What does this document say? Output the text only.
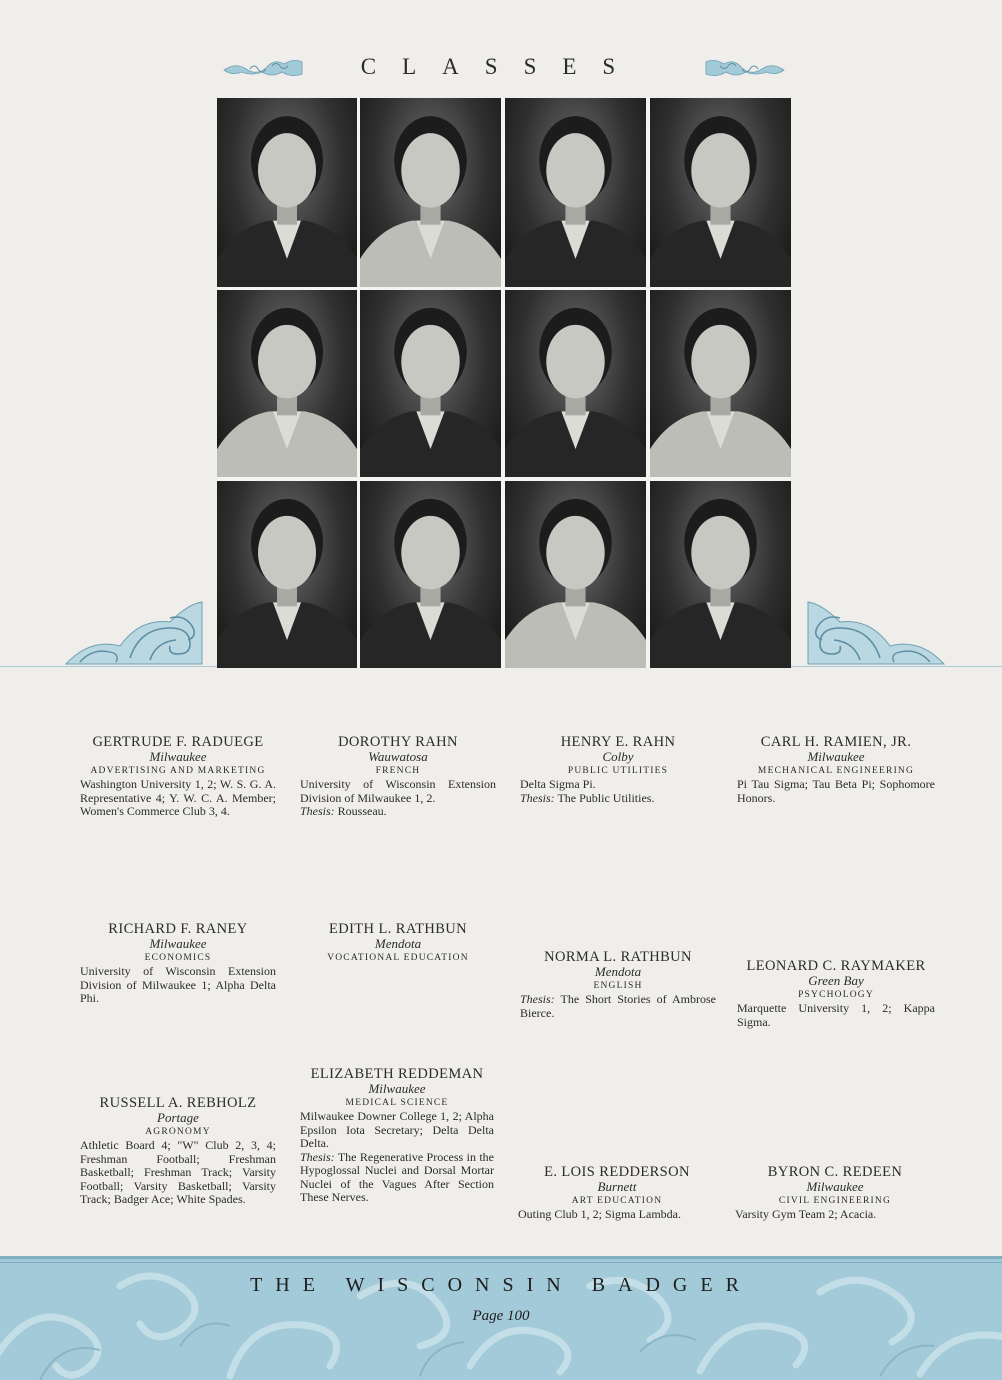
CLASSES
GERTRUDE F. RADUEGE
Milwaukee
ADVERTISING AND MARKETING
Washington University 1, 2; W. S. G. A. Representative 4; Y. W. C. A. Member; Women's Commerce Club 3, 4.
DOROTHY RAHN
Wauwatosa
FRENCH
University of Wisconsin Extension Division of Milwaukee 1, 2.
Thesis: Rousseau.
HENRY E. RAHN
Colby
PUBLIC UTILITIES
Delta Sigma Pi.
Thesis: The Public Utilities.
CARL H. RAMIEN, JR.
Milwaukee
MECHANICAL ENGINEERING
Pi Tau Sigma; Tau Beta Pi; Sophomore Honors.
RICHARD F. RANEY
Milwaukee
ECONOMICS
University of Wisconsin Extension Division of Milwaukee 1; Alpha Delta Phi.
EDITH L. RATHBUN
Mendota
VOCATIONAL EDUCATION	NORMA L. RATHBUN
Mendota
ENGLISH
Thesis: The Short Stories of Ambrose Bierce.
LEONARD C. RAYMAKER
Green Bay
PSYCHOLOGY
Marquette University 1, 2; Kappa Sigma.
RUSSELL A. REBHOLZ
Portage
AGRONOMY
Athletic Board 4; "W" Club 2, 3, 4; Freshman Football; Freshman Basketball; Freshman Track; Varsity Football; Varsity Basketball; Varsity Track; Badger Ace; White Spades.
ELIZABETH REDDEMAN
Milwaukee
MEDICAL SCIENCE
Milwaukee Downer College 1, 2; Alpha Epsilon Iota Secretary; Delta Delta Delta.
Thesis: The Regenerative Process in the Hypoglossal Nuclei and Dorsal Mortar Nuclei of the Vagues After Section These Nerves.
E. LOIS REDDERSON
Burnett
ART EDUCATION
Outing Club 1, 2; Sigma Lambda.
BYRON C. REDEEN
Milwaukee
CIVIL ENGINEERING
Varsity Gym Team 2; Acacia.
THE WISCONSIN BADGER
Page 100
